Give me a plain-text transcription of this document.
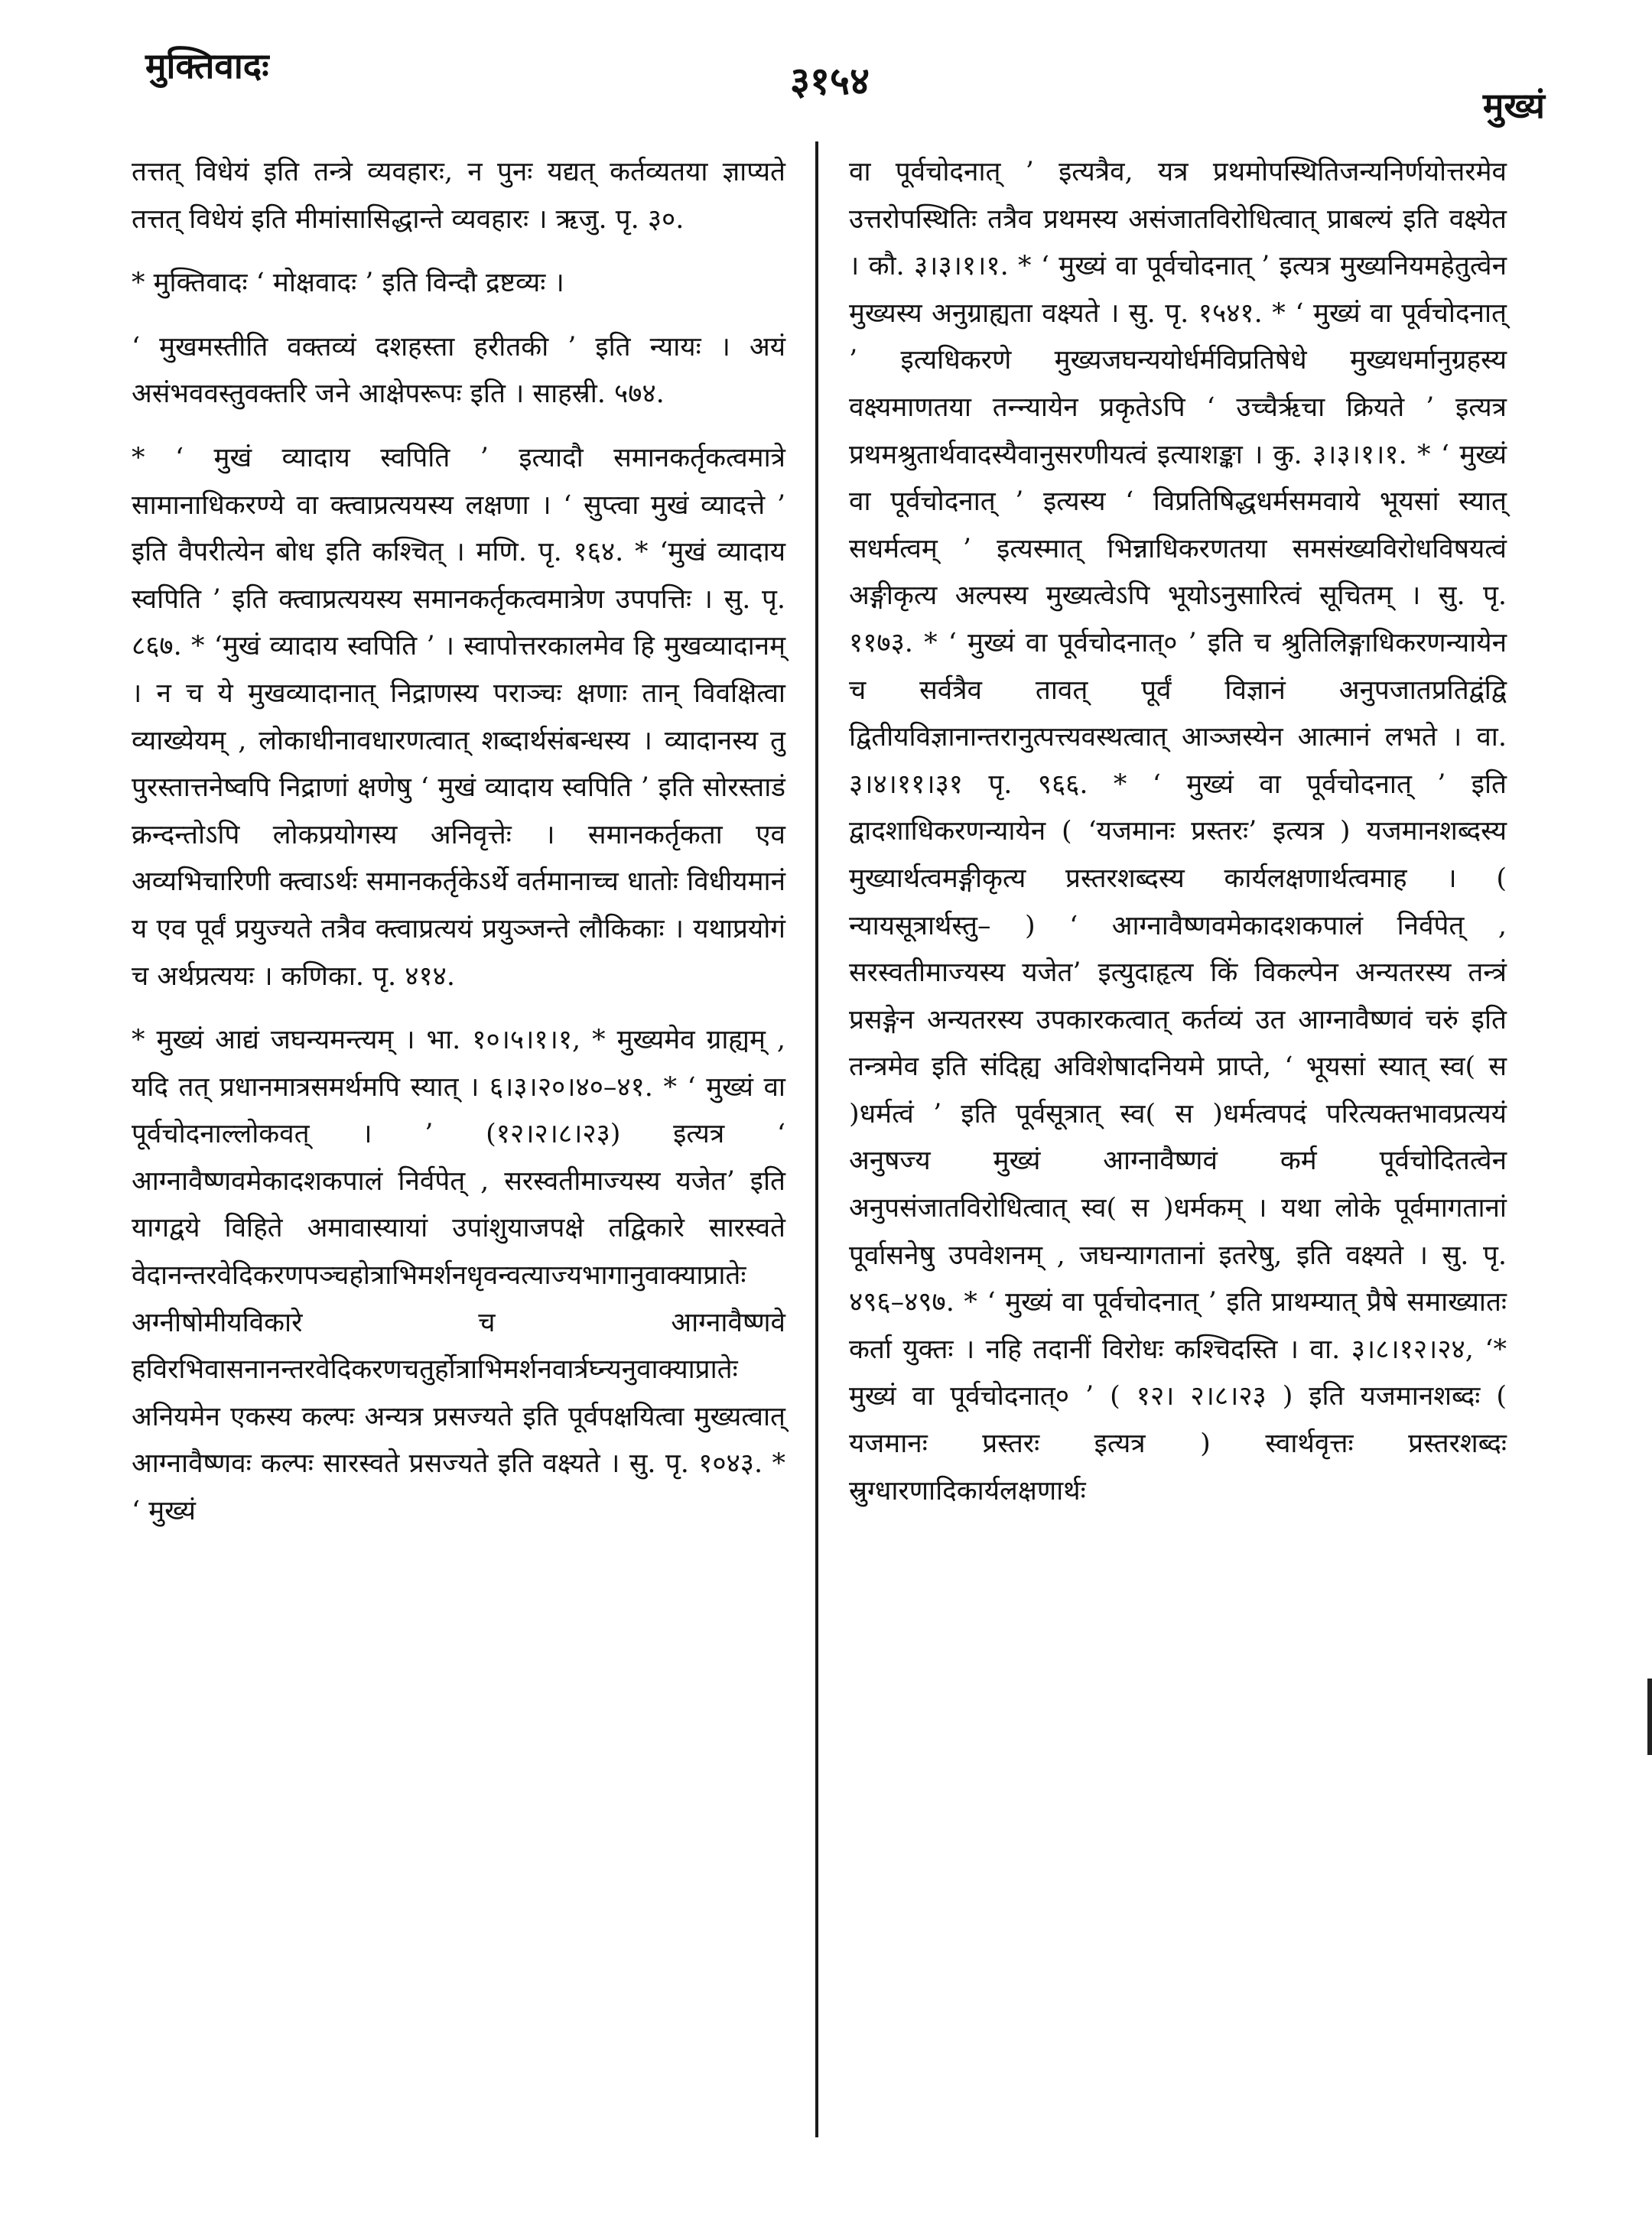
मुक्तिवादः	३१५४
मुख्यं

तत्तत् विधेयं इति तन्त्रे व्यवहारः, न पुनः यद्यत् कर्तव्यतया ज्ञाप्यते तत्तत् विधेयं इति मीमांसासिद्धान्ते व्यवहारः । ऋजु. पृ. ३०.

* मुक्तिवादः ‘ मोक्षवादः ’ इति विन्दौ द्रष्टव्यः ।

‘ मुखमस्तीति वक्तव्यं दशहस्ता हरीतकी ’ इति न्यायः । अयं असंभववस्तुवक्तरि जने आक्षेपरूपः इति । साहस्री. ५७४.

* ‘ मुखं व्यादाय स्वपिति ’ इत्यादौ समानकर्तृकत्वमात्रे सामानाधिकरण्ये वा क्त्वाप्रत्ययस्य लक्षणा । ‘ सुप्त्वा मुखं व्यादत्ते ’ इति वैपरीत्येन बोध इति कश्चित् । मणि. पृ. १६४. * ‘मुखं व्यादाय स्वपिति ’ इति क्त्वाप्रत्ययस्य समानकर्तृकत्वमात्रेण उपपत्तिः । सु. पृ. ८६७. * ‘मुखं व्यादाय स्वपिति ’ । स्वापोत्तरकालमेव हि मुखव्यादानम् । न च ये मुखव्यादानात् निद्राणस्य पराञ्चः क्षणाः तान् विवक्षित्वा व्याख्येयम् , लोकाधीनावधारणत्वात् शब्दार्थसंबन्धस्य । व्यादानस्य तु पुरस्तात्तनेष्वपि निद्राणां क्षणेषु ‘ मुखं व्यादाय स्वपिति ’ इति सोरस्ताडं क्रन्दन्तोऽपि लोकप्रयोगस्य अनिवृत्तेः । समानकर्तृकता एव अव्यभिचारिणी क्त्वाऽर्थः समानकर्तृकेऽर्थे वर्तमानाच्च धातोः विधीयमानं य एव पूर्वं प्रयुज्यते तत्रैव क्त्वाप्रत्ययं प्रयुञ्जन्ते लौकिकाः । यथाप्रयोगं च अर्थप्रत्ययः । कणिका. पृ. ४१४.

* मुख्यं आद्यं जघन्यमन्त्यम् । भा. १०।५।१।१, * मुख्यमेव ग्राह्यम् , यदि तत् प्रधानमात्रसमर्थमपि स्यात् । ६।३।२०।४०–४१. * ‘ मुख्यं वा पूर्वचोदनाल्लोकवत् । ’ (१२।२।८।२३) इत्यत्र ‘ आग्नावैष्णवमेकादशकपालं निर्वपेत् , सरस्वतीमाज्यस्य यजेत’ इति यागद्वये विहिते अमावास्यायां उपांशुयाजपक्षे तद्विकारे सारस्वते वेदानन्तरवेदिकरणपञ्चहोत्राभिमर्शनधृवन्वत्याज्यभागानुवाक्याप्रातेः अग्नीषोमीयविकारे च आग्नावैष्णवे हविरभिवासनानन्तरवेदिकरणचतुर्होत्राभिमर्शनवार्त्रघ्न्यनुवाक्याप्रातेः अनियमेन एकस्य कल्पः अन्यत्र प्रसज्यते इति पूर्वपक्षयित्वा मुख्यत्वात् आग्नावैष्णवः कल्पः सारस्वते प्रसज्यते इति वक्ष्यते । सु. पृ. १०४३. * ‘ मुख्यं

वा पूर्वचोदनात् ’ इत्यत्रैव, यत्र प्रथमोपस्थितिजन्यनिर्णयोत्तरमेव उत्तरोपस्थितिः तत्रैव प्रथमस्य असंजातविरोधित्वात् प्राबल्यं इति वक्ष्येत । कौ. ३।३।१।१. * ‘ मुख्यं वा पूर्वचोदनात् ’ इत्यत्र मुख्यनियमहेतुत्वेन मुख्यस्य अनुग्राह्यता वक्ष्यते । सु. पृ. १५४१. * ‘ मुख्यं वा पूर्वचोदनात् ’ इत्यधिकरणे मुख्यजघन्ययोर्धर्मविप्रतिषेधे मुख्यधर्मानुग्रहस्य वक्ष्यमाणतया तन्न्यायेन प्रकृतेऽपि ‘ उच्चैर्ऋचा क्रियते ’ इत्यत्र प्रथमश्रुतार्थवादस्यैवानुसरणीयत्वं इत्याशङ्का । कु. ३।३।१।१. * ‘ मुख्यं वा पूर्वचोदनात् ’ इत्यस्य ‘ विप्रतिषिद्धधर्मसमवाये भूयसां स्यात् सधर्मत्वम् ’ इत्यस्मात् भिन्नाधिकरणतया समसंख्यविरोधविषयत्वं अङ्गीकृत्य अल्पस्य मुख्यत्वेऽपि भूयोऽनुसारित्वं सूचितम् । सु. पृ. ११७३. * ‘ मुख्यं वा पूर्वचोदनात्० ’ इति च श्रुतिलिङ्गाधिकरणन्यायेन च सर्वत्रैव तावत् पूर्वं विज्ञानं अनुपजातप्रतिद्वंद्वि द्वितीयविज्ञानान्तरानुत्पत्त्यवस्थत्वात् आञ्जस्येन आत्मानं लभते । वा. ३।४।११।३१ पृ. ९६६. * ‘ मुख्यं वा पूर्वचोदनात् ’ इति द्वादशाधिकरणन्यायेन ( ‘यजमानः प्रस्तरः’ इत्यत्र ) यजमानशब्दस्य मुख्यार्थत्वमङ्गीकृत्य प्रस्तरशब्दस्य कार्यलक्षणार्थत्वमाह । ( न्यायसूत्रार्थस्तु– ) ‘ आग्नावैष्णवमेकादशकपालं निर्वपेत् , सरस्वतीमाज्यस्य यजेत’ इत्युदाहृत्य किं विकल्पेन अन्यतरस्य तन्त्रं प्रसङ्गेन अन्यतरस्य उपकारकत्वात् कर्तव्यं उत आग्नावैष्णवं चरुं इति तन्त्रमेव इति संदिह्य अविशेषादनियमे प्राप्ते, ‘ भूयसां स्यात् स्व( स )धर्मत्वं ’ इति पूर्वसूत्रात् स्व( स )धर्मत्वपदं परित्यक्तभावप्रत्ययं अनुषज्य मुख्यं आग्नावैष्णवं कर्म पूर्वचोदितत्वेन अनुपसंजातविरोधित्वात् स्व( स )धर्मकम् । यथा लोके पूर्वमागतानां पूर्वासनेषु उपवेशनम् , जघन्यागतानां इतरेषु, इति वक्ष्यते । सु. पृ. ४९६–४९७. * ‘ मुख्यं वा पूर्वचोदनात् ’ इति प्राथम्यात् प्रैषे समाख्यातः कर्ता युक्तः । नहि तदानीं विरोधः कश्चिदस्ति । वा. ३।८।१२।२४, ‘* मुख्यं वा पूर्वचोदनात्० ’ ( १२। २।८।२३ ) इति यजमानशब्दः ( यजमानः प्रस्तरः इत्यत्र ) स्वार्थवृत्तः प्रस्तरशब्दः स्रुग्धारणादिकार्यलक्षणार्थः
